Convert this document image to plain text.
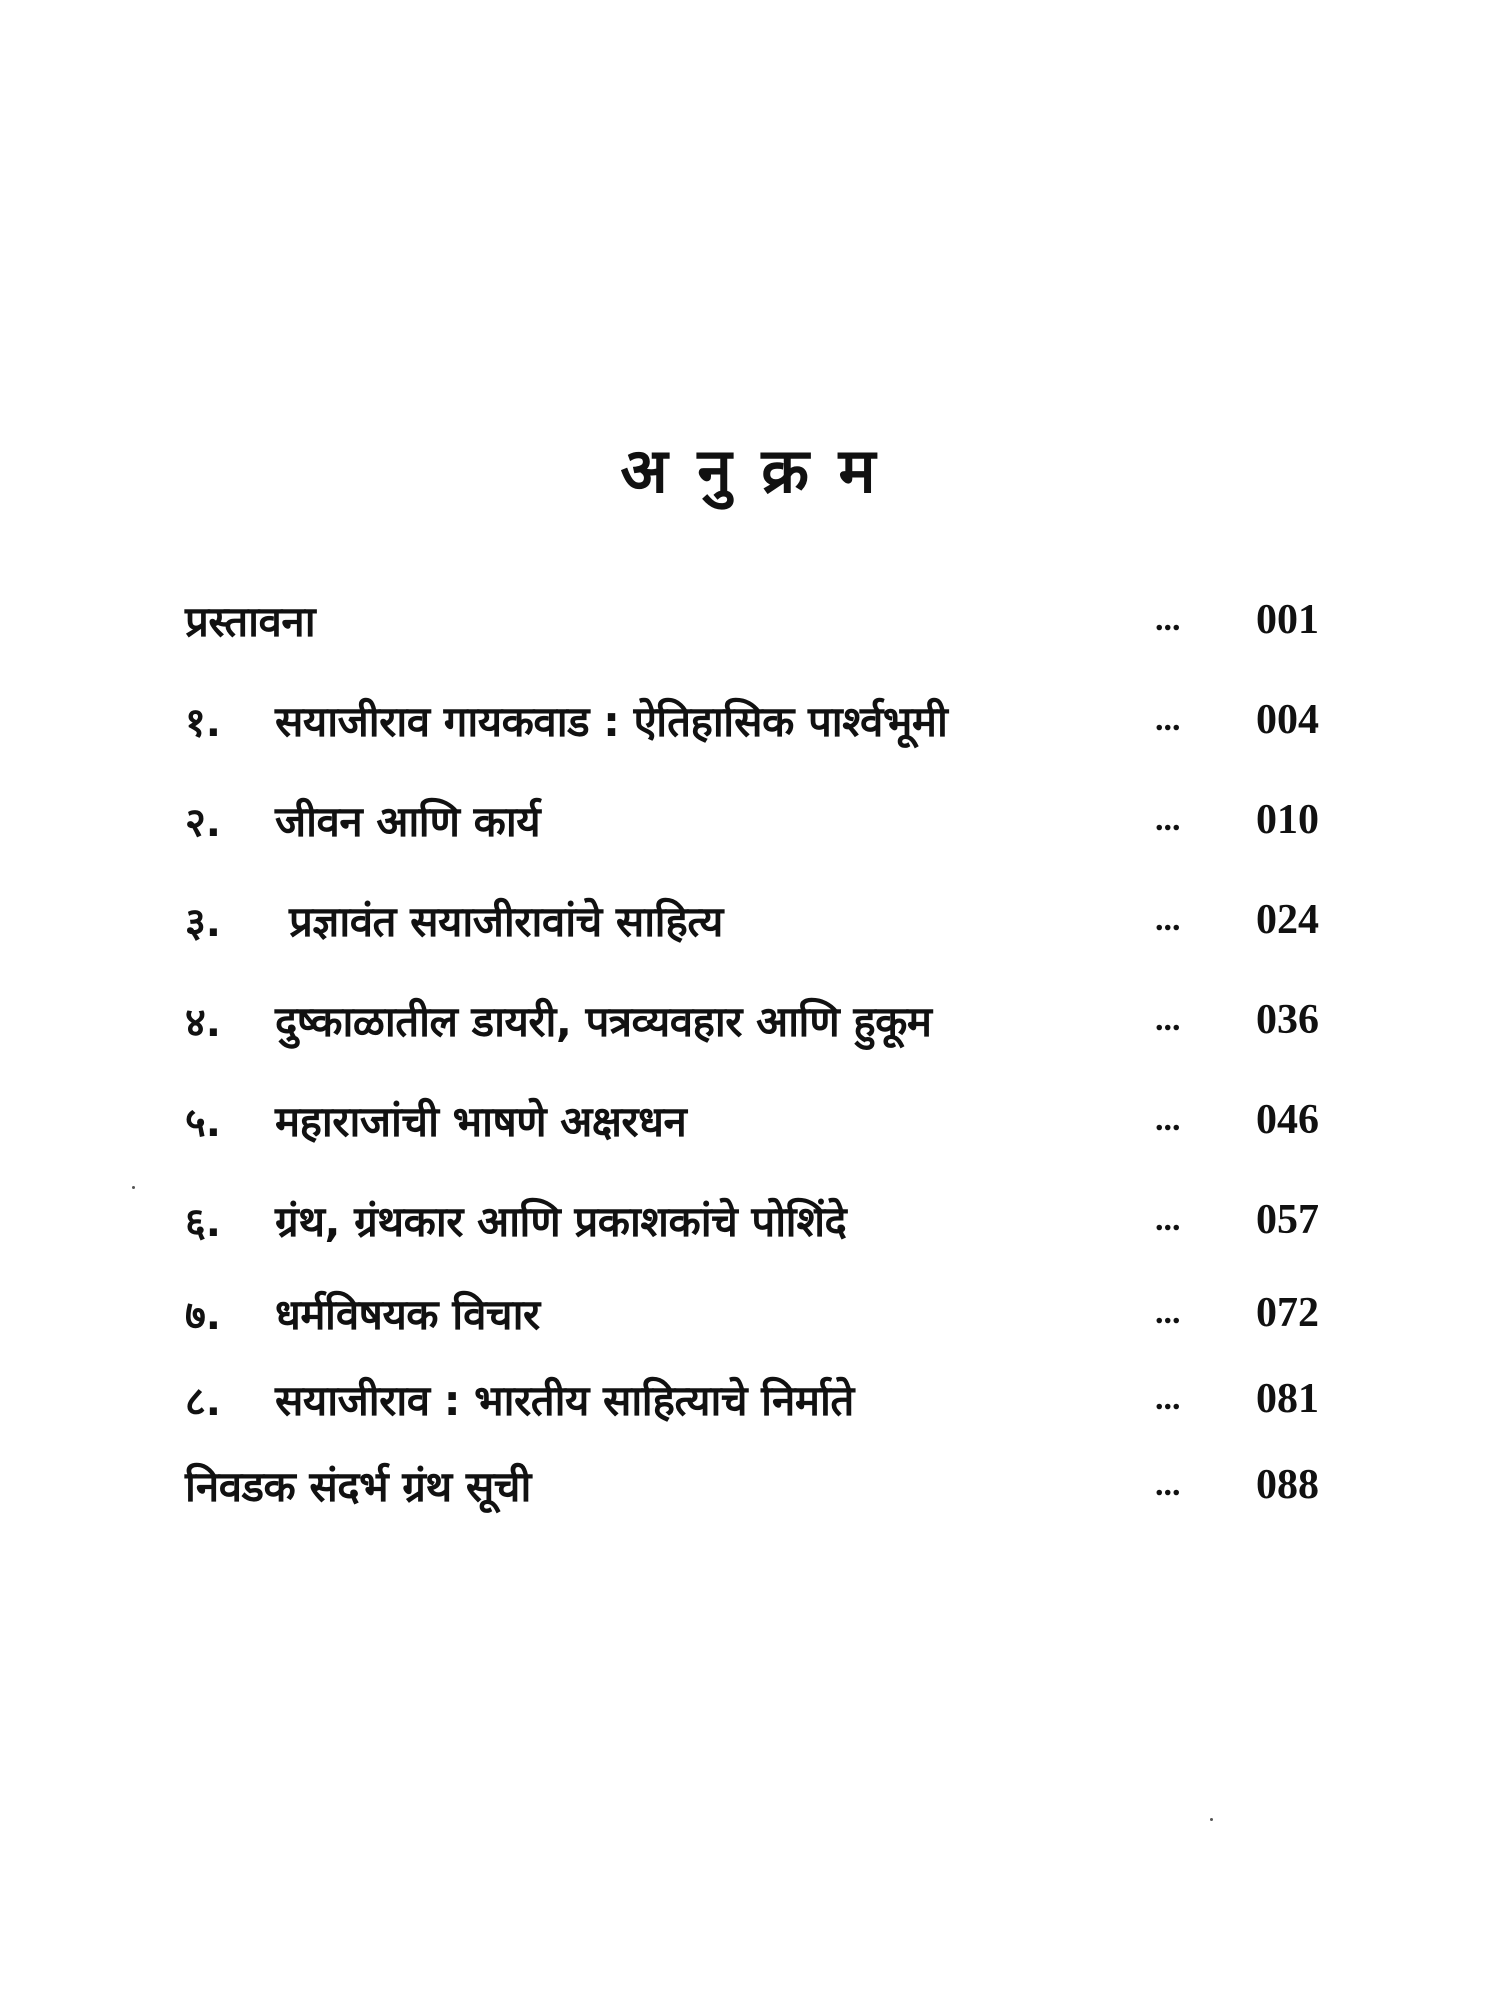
अ नु क्र म
प्रस्तावना	... 001
१.	सयाजीराव गायकवाड : ऐतिहासिक पार्श्वभूमी	... 004
२.	जीवन आणि कार्य	... 010
३.	प्रज्ञावंत सयाजीरावांचे साहित्य	... 024
४.	दुष्काळातील डायरी, पत्रव्यवहार आणि हुकूम	... 036
५.	महाराजांची भाषणे अक्षरधन	... 046
६.	ग्रंथ, ग्रंथकार आणि प्रकाशकांचे पोशिंदे	... 057
७.	धर्मविषयक विचार	... 072
८.	सयाजीराव : भारतीय साहित्याचे निर्माते	... 081
निवडक संदर्भ ग्रंथ सूची	... 088
